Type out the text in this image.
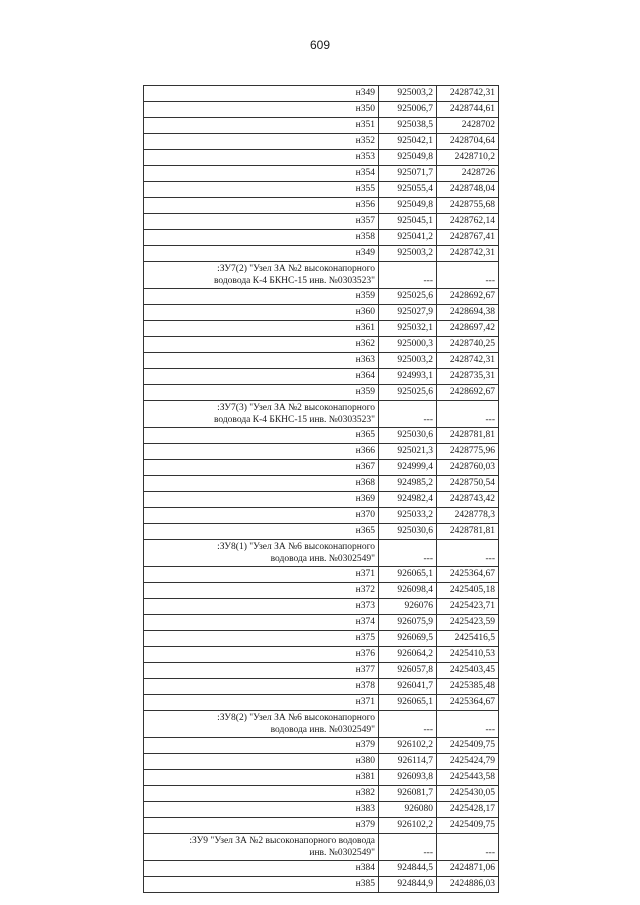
609
н349	925003,2	2428742,31
н350	925006,7	2428744,61
н351	925038,5	2428702
н352	925042,1	2428704,64
н353	925049,8	2428710,2
н354	925071,7	2428726
н355	925055,4	2428748,04
н356	925049,8	2428755,68
н357	925045,1	2428762,14
н358	925041,2	2428767,41
н349	925003,2	2428742,31

:ЗУ7(2) "Узел ЗА №2 высоконапорного
водовода К-4 БКНС-15 инв. №0303523"	---	---
н359	925025,6	2428692,67
н360	925027,9	2428694,38
н361	925032,1	2428697,42
н362	925000,3	2428740,25
н363	925003,2	2428742,31
н364	924993,1	2428735,31
н359	925025,6	2428692,67

:ЗУ7(3) "Узел ЗА №2 высоконапорного
водовода К-4 БКНС-15 инв. №0303523"	---	---
н365	925030,6	2428781,81
н366	925021,3	2428775,96
н367	924999,4	2428760,03
н368	924985,2	2428750,54
н369	924982,4	2428743,42
н370	925033,2	2428778,3
н365	925030,6	2428781,81

:ЗУ8(1) "Узел ЗА №6 высоконапорного
водовода инв. №0302549"	---	---
н371	926065,1	2425364,67
н372	926098,4	2425405,18
н373	926076	2425423,71
н374	926075,9	2425423,59
н375	926069,5	2425416,5
н376	926064,2	2425410,53
н377	926057,8	2425403,45
н378	926041,7	2425385,48
н371	926065,1	2425364,67

:ЗУ8(2) "Узел ЗА №6 высоконапорного
водовода инв. №0302549"	---	---
н379	926102,2	2425409,75
н380	926114,7	2425424,79
н381	926093,8	2425443,58
н382	926081,7	2425430,05
н383	926080	2425428,17
н379	926102,2	2425409,75

:ЗУ9 "Узел ЗА №2 высоконапорного водовода
инв. №0302549"	---	---
н384	924844,5	2424871,06
н385	924844,9	2424886,03
